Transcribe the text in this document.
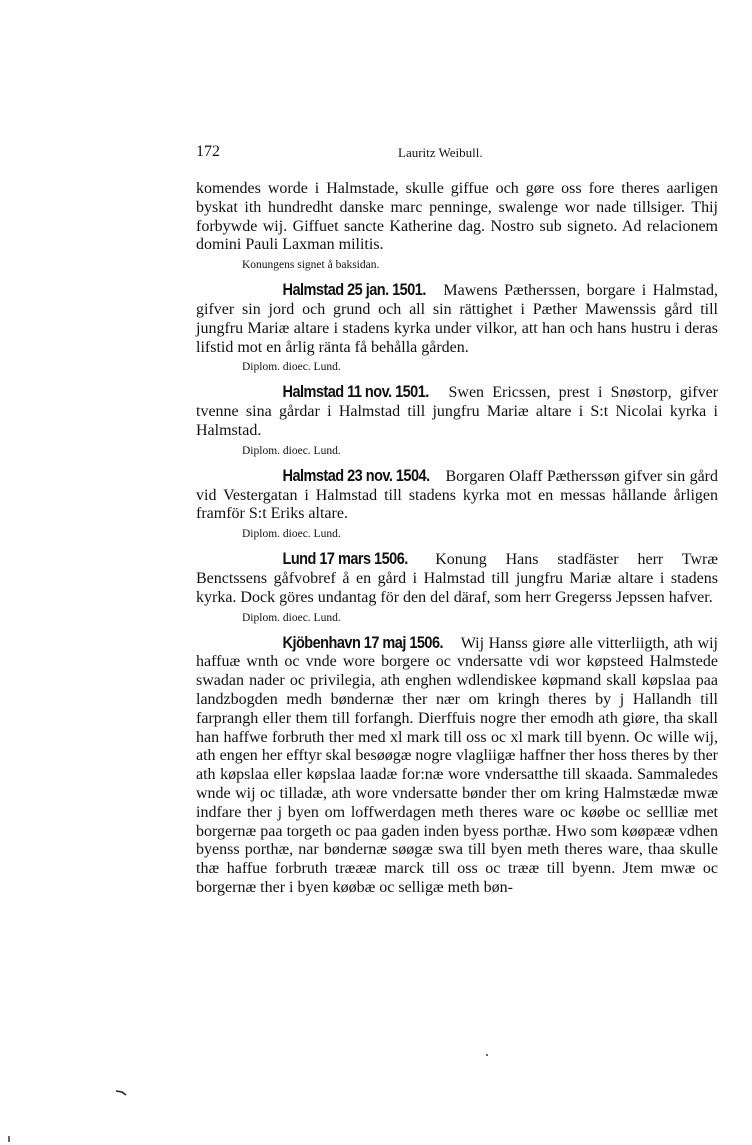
172	Lauritz Weibull.

komendes worde i Halmstade, skulle giffue och gøre oss fore theres aarligen byskat ith hundredht danske marc penninge, swalenge wor nade tillsiger. Thij forbywde wij. Giffuet sancte Katherine dag. Nostro sub signeto. Ad relacionem domini Pauli Laxman militis.

Konungens signet å baksidan.

Halmstad 25 jan. 1501. Mawens Pætherssen, borgare i Halmstad, gifver sin jord och grund och all sin rättighet i Pæther Mawenssis gård till jungfru Mariæ altare i stadens kyrka under vilkor, att han och hans hustru i deras lifstid mot en årlig ränta få behålla gården.

Diplom. dioec. Lund.

Halmstad 11 nov. 1501. Swen Ericssen, prest i Snøstorp, gifver tvenne sina gårdar i Halmstad till jungfru Mariæ altare i S:t Nicolai kyrka i Halmstad.

Diplom. dioec. Lund.

Halmstad 23 nov. 1504. Borgaren Olaff Pætherssøn gifver sin gård vid Vestergatan i Halmstad till stadens kyrka mot en messas hållande årligen framför S:t Eriks altare.

Diplom. dioec. Lund.

Lund 17 mars 1506. Konung Hans stadfäster herr Twræ Benctssens gåfvobref å en gård i Halmstad till jungfru Mariæ altare i stadens kyrka. Dock göres undantag för den del däraf, som herr Gregerss Jepssen hafver.

Diplom. dioec. Lund.

Kjöbenhavn 17 maj 1506. Wij Hanss giøre alle vitterliigth, ath wij haffuæ wnth oc vnde wore borgere oc vndersatte vdi wor køpsteed Halmstede swadan nader oc privilegia, ath enghen wdlendiskee køpmand skall køpslaa paa landzbogden medh bøndernæ ther nær om kringh theres by j Hallandh till farprangh eller them till forfangh. Dierffuis nogre ther emodh ath giøre, tha skall han haffwe forbruth ther med xl mark till oss oc xl mark till byenn. Oc wille wij, ath engen her efftyr skal besøøgæ nogre vlagliigæ haffner ther hoss theres by ther ath køpslaa eller køpslaa laadæ for:næ wore vndersatthe till skaada. Sammaledes wnde wij oc tilladæ, ath wore vndersatte bønder ther om kring Halmstædæ mwæ indfare ther j byen om loffwerdagen meth theres ware oc køøbe oc sellliæ met borgernæ paa torgeth oc paa gaden inden byess porthæ. Hwo som køøpææ vdhen byenss porthæ, nar bøndernæ søøgæ swa till byen meth theres ware, thaa skulle thæ haffue forbruth træææ marck till oss oc trææ till byenn. Jtem mwæ oc borgernæ ther i byen køøbæ oc selligæ meth bøn-
